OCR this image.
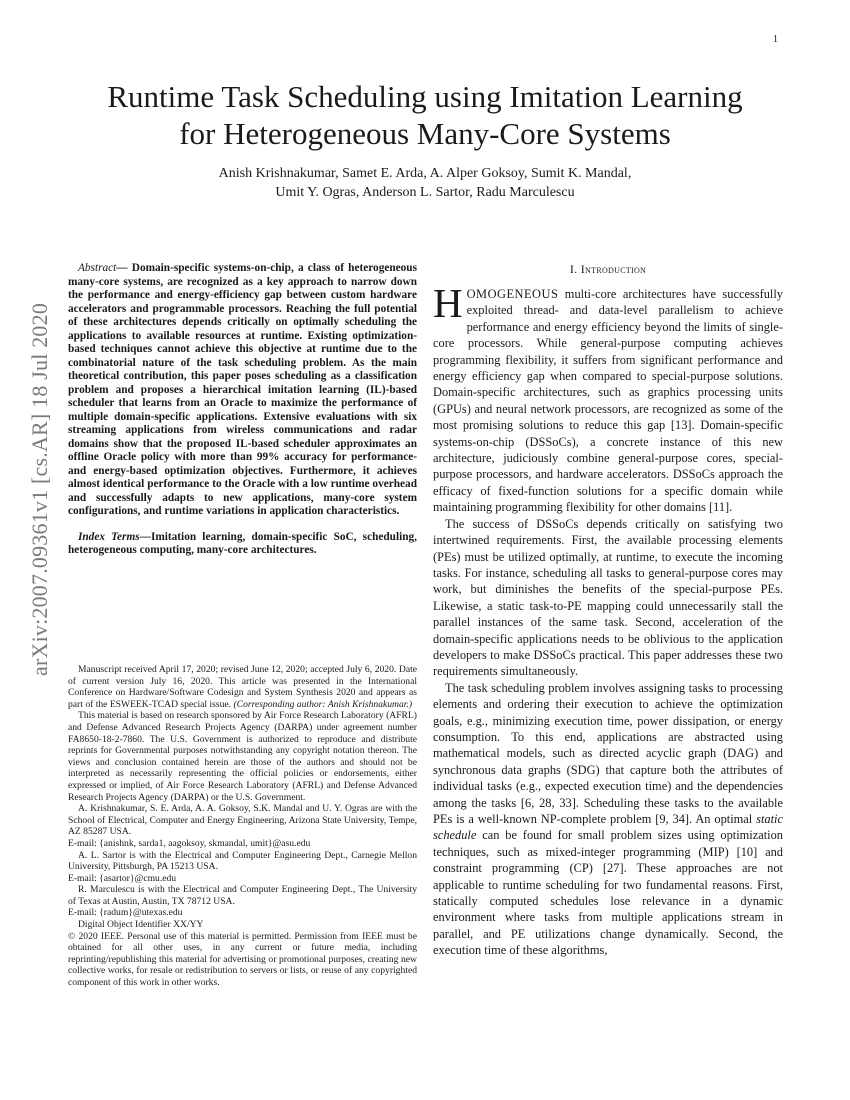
1
arXiv:2007.09361v1 [cs.AR] 18 Jul 2020
Runtime Task Scheduling using Imitation Learning
for Heterogeneous Many-Core Systems
Anish Krishnakumar, Samet E. Arda, A. Alper Goksoy, Sumit K. Mandal,
Umit Y. Ogras, Anderson L. Sartor, Radu Marculescu

Abstract— Domain-specific systems-on-chip, a class of heterogeneous many-core systems, are recognized as a key approach to narrow down the performance and energy-efficiency gap between custom hardware accelerators and programmable processors. Reaching the full potential of these architectures depends critically on optimally scheduling the applications to available resources at runtime. Existing optimization-based techniques cannot achieve this objective at runtime due to the combinatorial nature of the task scheduling problem. As the main theoretical contribution, this paper poses scheduling as a classification problem and proposes a hierarchical imitation learning (IL)-based scheduler that learns from an Oracle to maximize the performance of multiple domain-specific applications. Extensive evaluations with six streaming applications from wireless communications and radar domains show that the proposed IL-based scheduler approximates an offline Oracle policy with more than 99% accuracy for performance- and energy-based optimization objectives. Furthermore, it achieves almost identical performance to the Oracle with a low runtime overhead and successfully adapts to new applications, many-core system configurations, and runtime variations in application characteristics.

Index Terms—Imitation learning, domain-specific SoC, scheduling, heterogeneous computing, many-core architectures.

Manuscript received April 17, 2020; revised June 12, 2020; accepted July 6, 2020. Date of current version July 16, 2020. This article was presented in the International Conference on Hardware/Software Codesign and System Synthesis 2020 and appears as part of the ESWEEK-TCAD special issue. (Corresponding author: Anish Krishnakumar.)

This material is based on research sponsored by Air Force Research Laboratory (AFRL) and Defense Advanced Research Projects Agency (DARPA) under agreement number FA8650-18-2-7860. The U.S. Government is authorized to reproduce and distribute reprints for Governmental purposes notwithstanding any copyright notation thereon. The views and conclusion contained herein are those of the authors and should not be interpreted as necessarily representing the official policies or endorsements, either expressed or implied, of Air Force Research Laboratory (AFRL) and Defense Advanced Research Projects Agency (DARPA) or the U.S. Government.

A. Krishnakumar, S. E. Arda, A. A. Goksoy, S.K. Mandal and U. Y. Ogras are with the School of Electrical, Computer and Energy Engineering, Arizona State University, Tempe, AZ 85287 USA.

E-mail: {anishnk, sarda1, aagoksoy, skmandal, umit}@asu.edu

A. L. Sartor is with the Electrical and Computer Engineering Dept., Carnegie Mellon University, Pittsburgh, PA 15213 USA.

E-mail: {asartor}@cmu.edu

R. Marculescu is with the Electrical and Computer Engineering Dept., The University of Texas at Austin, Austin, TX 78712 USA.

E-mail: {radum}@utexas.edu

Digital Object Identifier XX/YY

© 2020 IEEE. Personal use of this material is permitted. Permission from IEEE must be obtained for all other uses, in any current or future media, including reprinting/republishing this material for advertising or promotional purposes, creating new collective works, for resale or redistribution to servers or lists, or reuse of any copyrighted component of this work in other works.

I. Introduction

HOMOGENEOUS multi-core architectures have successfully exploited thread- and data-level parallelism to achieve performance and energy efficiency beyond the limits of single-core processors. While general-purpose computing achieves programming flexibility, it suffers from significant performance and energy efficiency gap when compared to special-purpose solutions. Domain-specific architectures, such as graphics processing units (GPUs) and neural network processors, are recognized as some of the most promising solutions to reduce this gap [13]. Domain-specific systems-on-chip (DSSoCs), a concrete instance of this new architecture, judiciously combine general-purpose cores, special-purpose processors, and hardware accelerators. DSSoCs approach the efficacy of fixed-function solutions for a specific domain while maintaining programming flexibility for other domains [11].

The success of DSSoCs depends critically on satisfying two intertwined requirements. First, the available processing elements (PEs) must be utilized optimally, at runtime, to execute the incoming tasks. For instance, scheduling all tasks to general-purpose cores may work, but diminishes the benefits of the special-purpose PEs. Likewise, a static task-to-PE mapping could unnecessarily stall the parallel instances of the same task. Second, acceleration of the domain-specific applications needs to be oblivious to the application developers to make DSSoCs practical. This paper addresses these two requirements simultaneously.

The task scheduling problem involves assigning tasks to processing elements and ordering their execution to achieve the optimization goals, e.g., minimizing execution time, power dissipation, or energy consumption. To this end, applications are abstracted using mathematical models, such as directed acyclic graph (DAG) and synchronous data graphs (SDG) that capture both the attributes of individual tasks (e.g., expected execution time) and the dependencies among the tasks [6, 28, 33]. Scheduling these tasks to the available PEs is a well-known NP-complete problem [9, 34]. An optimal static schedule can be found for small problem sizes using optimization techniques, such as mixed-integer programming (MIP) [10] and constraint programming (CP) [27]. These approaches are not applicable to runtime scheduling for two fundamental reasons. First, statically computed schedules lose relevance in a dynamic environment where tasks from multiple applications stream in parallel, and PE utilizations change dynamically. Second, the execution time of these algorithms,
